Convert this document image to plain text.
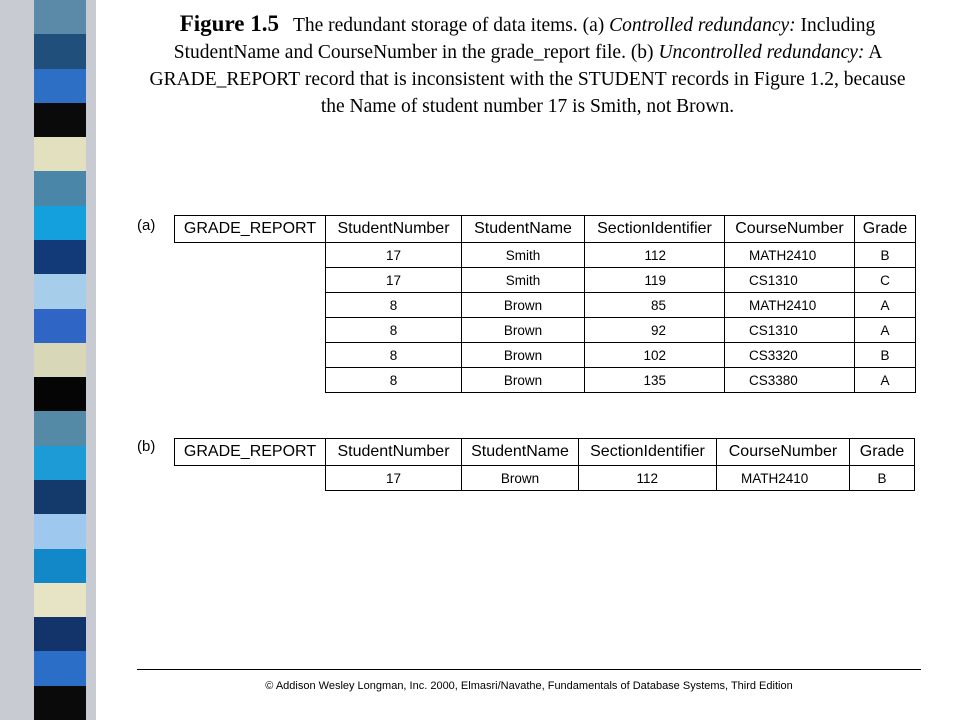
Figure 1.5 The redundant storage of data items. (a) Controlled redundancy: Including StudentName and CourseNumber in the grade_report file. (b) Uncontrolled redundancy: A GRADE_REPORT record that is inconsistent with the STUDENT records in Figure 1.2, because the Name of student number 17 is Smith, not Brown.
(a) GRADE_REPORT	StudentNumber	StudentName	SectionIdentifier	CourseNumber	Grade
	17	Smith	112	MATH2410	B
	17	Smith	119	CS1310	C
	8	Brown	85	MATH2410	A
	8	Brown	92	CS1310	A
	8	Brown	102	CS3320	B
	8	Brown	135	CS3380	A
(b) GRADE_REPORT	StudentNumber	StudentName	SectionIdentifier	CourseNumber	Grade
	17	Brown	112	MATH2410	B
© Addison Wesley Longman, Inc. 2000, Elmasri/Navathe, Fundamentals of Database Systems, Third Edition
